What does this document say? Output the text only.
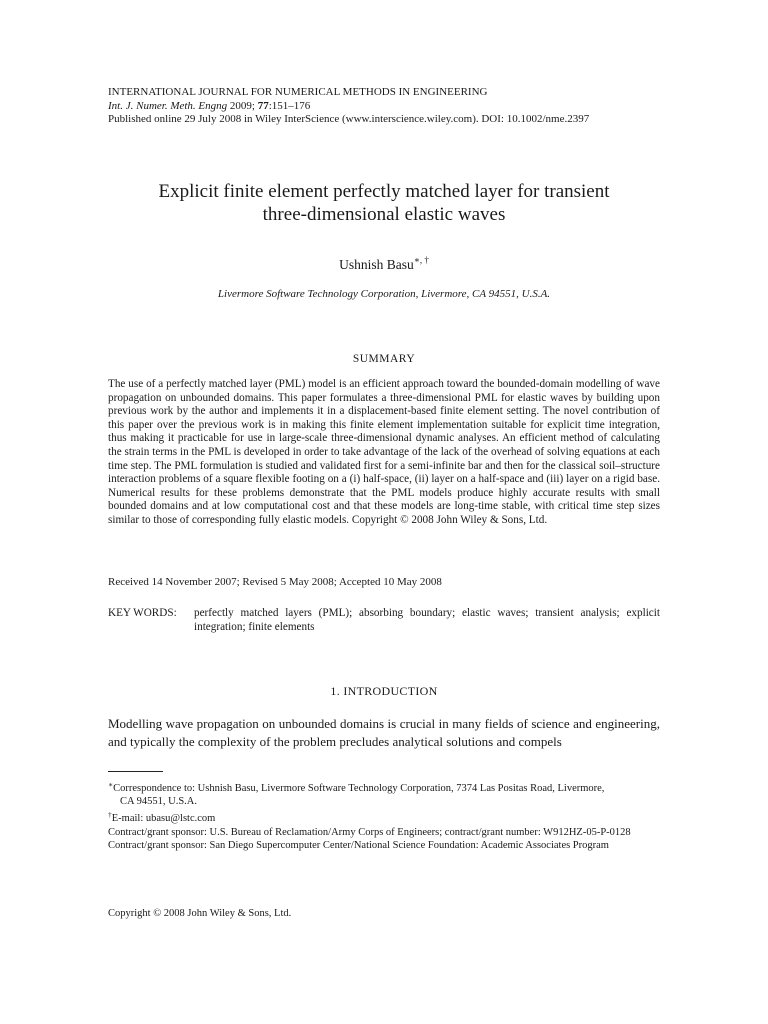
INTERNATIONAL JOURNAL FOR NUMERICAL METHODS IN ENGINEERING
Int. J. Numer. Meth. Engng 2009; 77:151–176
Published online 29 July 2008 in Wiley InterScience (www.interscience.wiley.com). DOI: 10.1002/nme.2397
Explicit finite element perfectly matched layer for transient
three-dimensional elastic waves
Ushnish Basu∗, †
Livermore Software Technology Corporation, Livermore, CA 94551, U.S.A.
SUMMARY
The use of a perfectly matched layer (PML) model is an efficient approach toward the bounded-domain modelling of wave propagation on unbounded domains. This paper formulates a three-dimensional PML for elastic waves by building upon previous work by the author and implements it in a displacement-based finite element setting. The novel contribution of this paper over the previous work is in making this finite element implementation suitable for explicit time integration, thus making it practicable for use in large-scale three-dimensional dynamic analyses. An efficient method of calculating the strain terms in the PML is developed in order to take advantage of the lack of the overhead of solving equations at each time step. The PML formulation is studied and validated first for a semi-infinite bar and then for the classical soil–structure interaction problems of a square flexible footing on a (i) half-space, (ii) layer on a half-space and (iii) layer on a rigid base. Numerical results for these problems demonstrate that the PML models produce highly accurate results with small bounded domains and at low computational cost and that these models are long-time stable, with critical time step sizes similar to those of corresponding fully elastic models. Copyright © 2008 John Wiley & Sons, Ltd.
Received 14 November 2007; Revised 5 May 2008; Accepted 10 May 2008
KEY WORDS:	perfectly matched layers (PML); absorbing boundary; elastic waves; transient analysis; explicit integration; finite elements
1. INTRODUCTION
Modelling wave propagation on unbounded domains is crucial in many fields of science and engineering, and typically the complexity of the problem precludes analytical solutions and compels
∗Correspondence to: Ushnish Basu, Livermore Software Technology Corporation, 7374 Las Positas Road, Livermore,
CA 94551, U.S.A.
†E-mail: ubasu@lstc.com
Contract/grant sponsor: U.S. Bureau of Reclamation/Army Corps of Engineers; contract/grant number: W912HZ-05-P-0128
Contract/grant sponsor: San Diego Supercomputer Center/National Science Foundation: Academic Associates Program
Copyright © 2008 John Wiley & Sons, Ltd.
